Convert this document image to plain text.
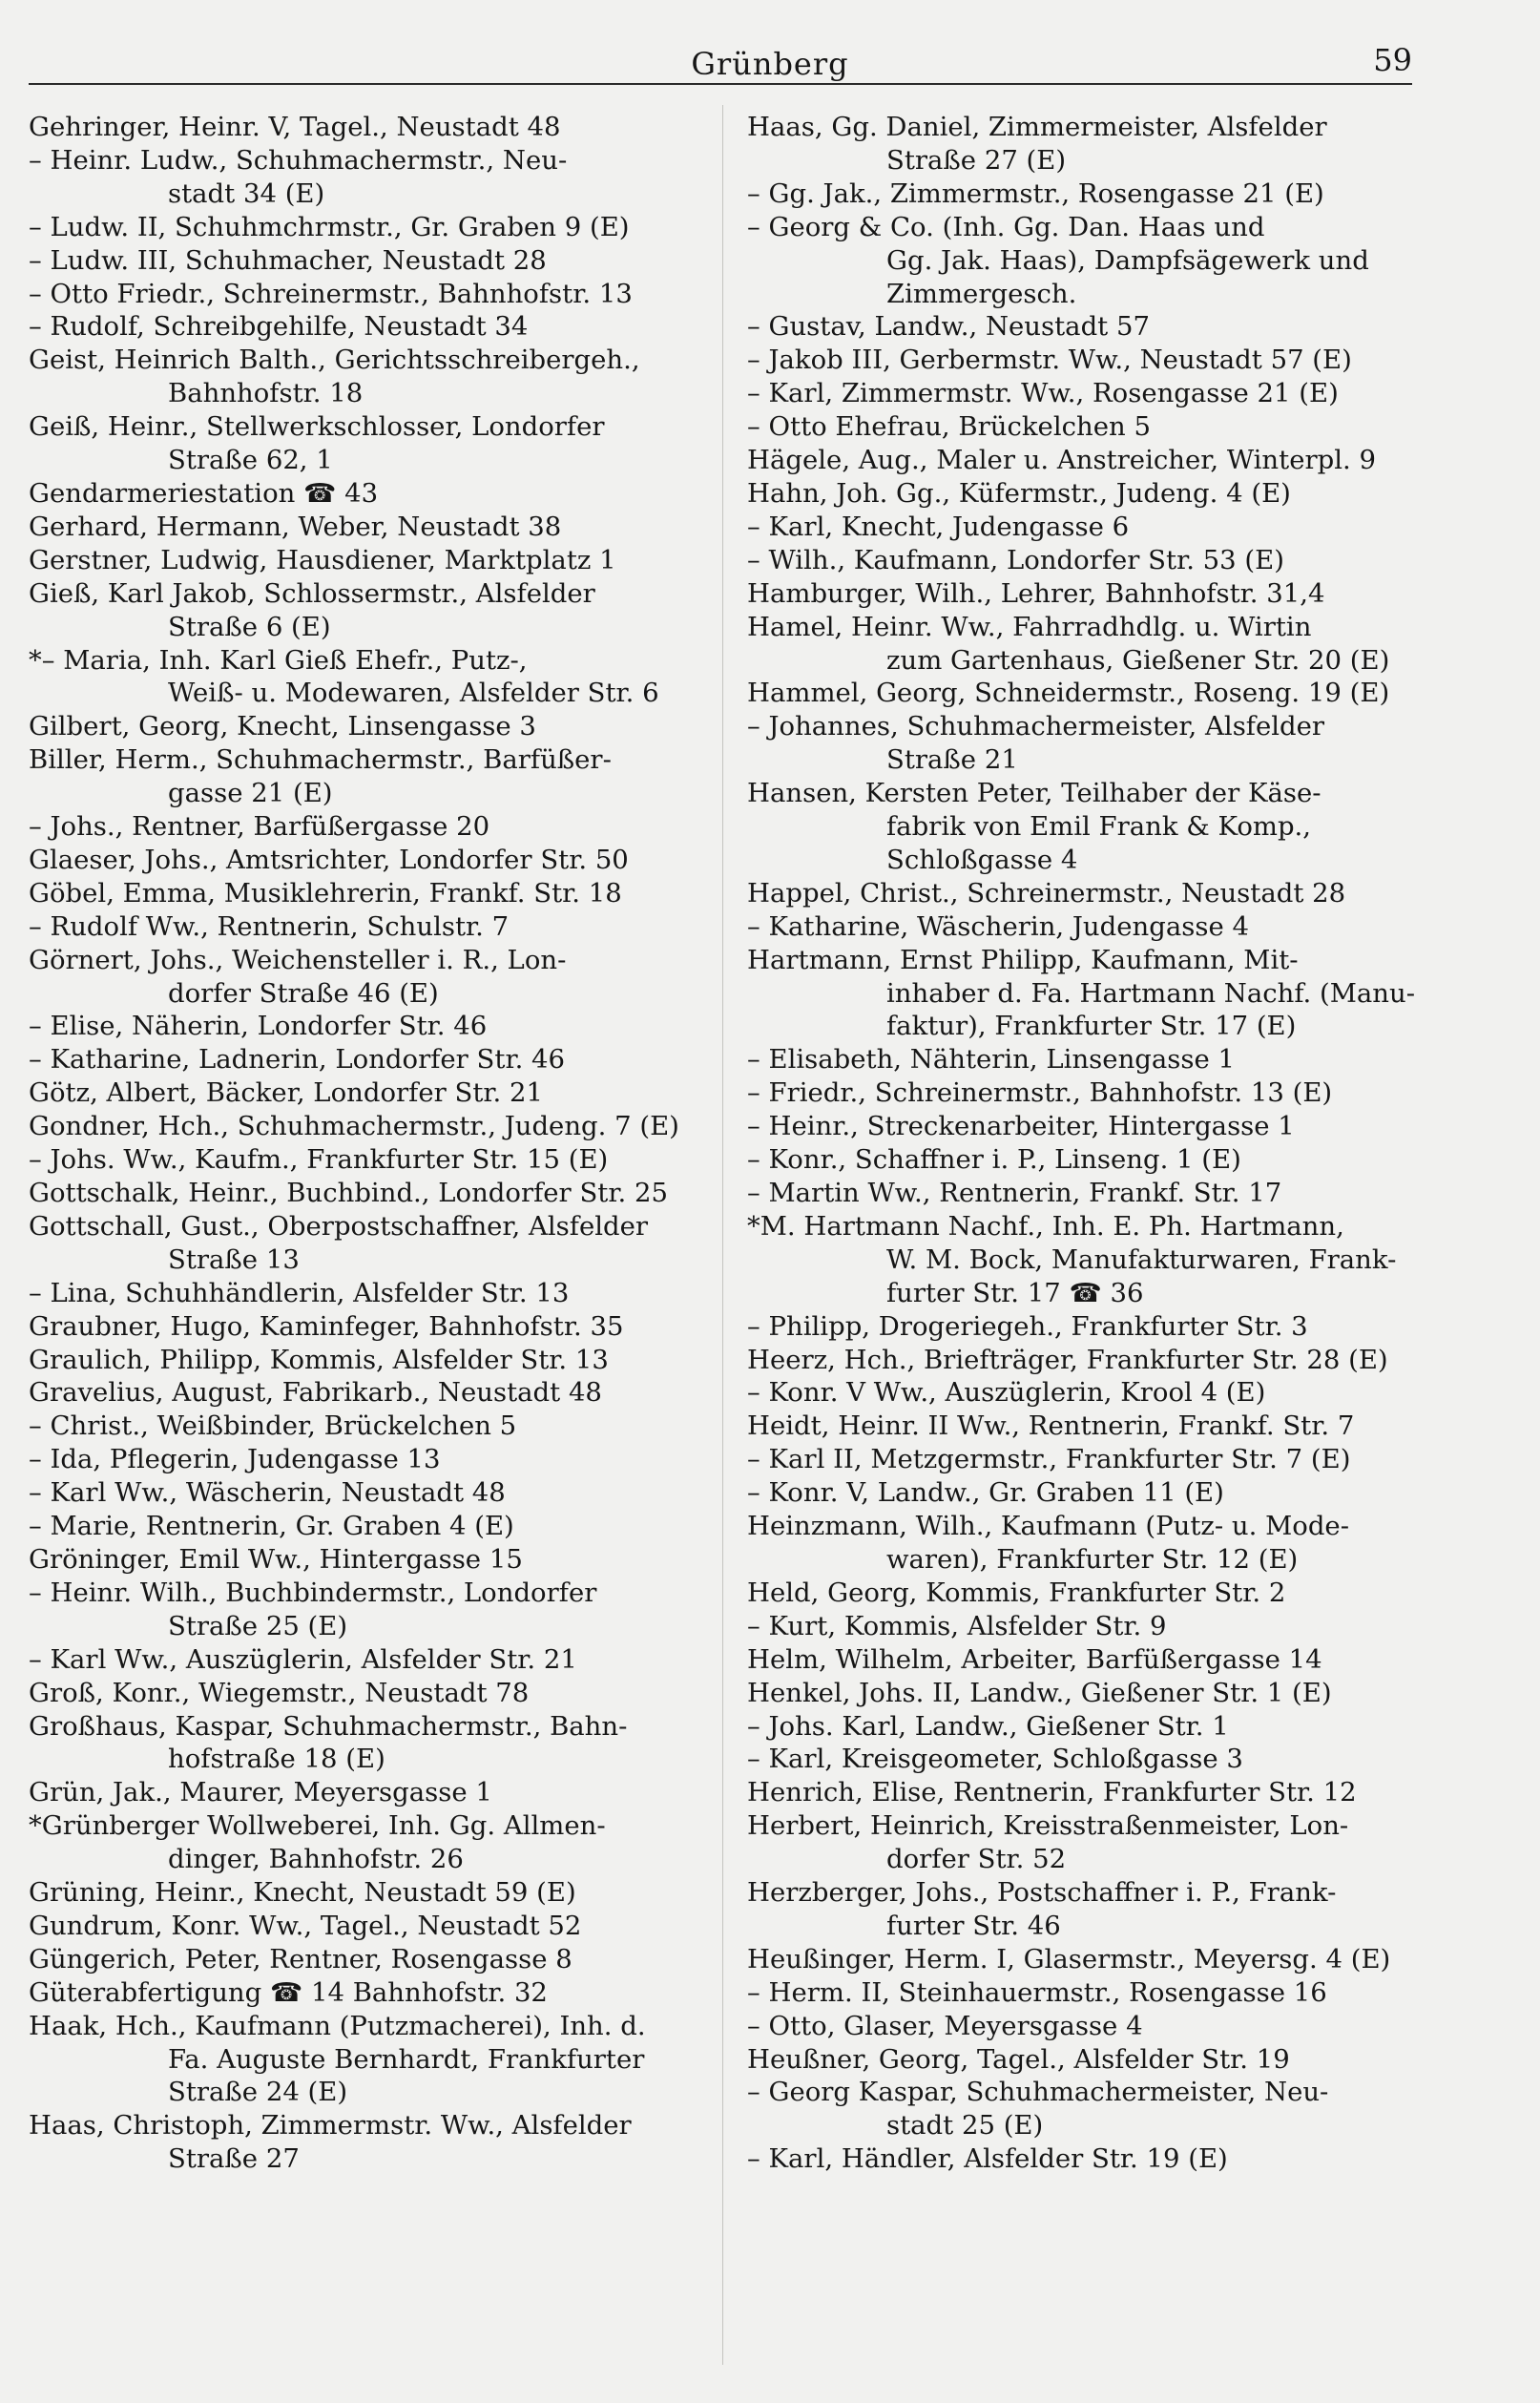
Grünberg	59
Gehringer, Heinr. V, Tagel., Neustadt 48
– Heinr. Ludw., Schuhmachermstr., Neu-
stadt 34 (E)
– Ludw. II, Schuhmchrmstr., Gr. Graben 9 (E)
– Ludw. III, Schuhmacher, Neustadt 28
– Otto Friedr., Schreinermstr., Bahnhofstr. 13
– Rudolf, Schreibgehilfe, Neustadt 34
Geist, Heinrich Balth., Gerichtsschreibergeh.,
Bahnhofstr. 18
Geiß, Heinr., Stellwerkschlosser, Londorfer
Straße 62, 1
Gendarmeriestation ☎ 43
Gerhard, Hermann, Weber, Neustadt 38
Gerstner, Ludwig, Hausdiener, Marktplatz 1
Gieß, Karl Jakob, Schlossermstr., Alsfelder
Straße 6 (E)
*– Maria, Inh. Karl Gieß Ehefr., Putz-,
Weiß- u. Modewaren, Alsfelder Str. 6
Gilbert, Georg, Knecht, Linsengasse 3
Biller, Herm., Schuhmachermstr., Barfüßer-
gasse 21 (E)
– Johs., Rentner, Barfüßergasse 20
Glaeser, Johs., Amtsrichter, Londorfer Str. 50
Göbel, Emma, Musiklehrerin, Frankf. Str. 18
– Rudolf Ww., Rentnerin, Schulstr. 7
Görnert, Johs., Weichensteller i. R., Lon-
dorfer Straße 46 (E)
– Elise, Näherin, Londorfer Str. 46
– Katharine, Ladnerin, Londorfer Str. 46
Götz, Albert, Bäcker, Londorfer Str. 21
Gondner, Hch., Schuhmachermstr., Judeng. 7 (E)
– Johs. Ww., Kaufm., Frankfurter Str. 15 (E)
Gottschalk, Heinr., Buchbind., Londorfer Str. 25
Gottschall, Gust., Oberpostschaffner, Alsfelder
Straße 13
– Lina, Schuhhändlerin, Alsfelder Str. 13
Graubner, Hugo, Kaminfeger, Bahnhofstr. 35
Graulich, Philipp, Kommis, Alsfelder Str. 13
Gravelius, August, Fabrikarb., Neustadt 48
– Christ., Weißbinder, Brückelchen 5
– Ida, Pflegerin, Judengasse 13
– Karl Ww., Wäscherin, Neustadt 48
– Marie, Rentnerin, Gr. Graben 4 (E)
Gröninger, Emil Ww., Hintergasse 15
– Heinr. Wilh., Buchbindermstr., Londorfer
Straße 25 (E)
– Karl Ww., Auszüglerin, Alsfelder Str. 21
Groß, Konr., Wiegemstr., Neustadt 78
Großhaus, Kaspar, Schuhmachermstr., Bahn-
hofstraße 18 (E)
Grün, Jak., Maurer, Meyersgasse 1
*Grünberger Wollweberei, Inh. Gg. Allmen-
dinger, Bahnhofstr. 26
Grüning, Heinr., Knecht, Neustadt 59 (E)
Gundrum, Konr. Ww., Tagel., Neustadt 52
Güngerich, Peter, Rentner, Rosengasse 8
Güterabfertigung ☎ 14 Bahnhofstr. 32
Haak, Hch., Kaufmann (Putzmacherei), Inh. d.
Fa. Auguste Bernhardt, Frankfurter
Straße 24 (E)
Haas, Christoph, Zimmermstr. Ww., Alsfelder
Straße 27
Haas, Gg. Daniel, Zimmermeister, Alsfelder
Straße 27 (E)
– Gg. Jak., Zimmermstr., Rosengasse 21 (E)
– Georg & Co. (Inh. Gg. Dan. Haas und
Gg. Jak. Haas), Dampfsägewerk und
Zimmergesch.
– Gustav, Landw., Neustadt 57
– Jakob III, Gerbermstr. Ww., Neustadt 57 (E)
– Karl, Zimmermstr. Ww., Rosengasse 21 (E)
– Otto Ehefrau, Brückelchen 5
Hägele, Aug., Maler u. Anstreicher, Winterpl. 9
Hahn, Joh. Gg., Küfermstr., Judeng. 4 (E)
– Karl, Knecht, Judengasse 6
– Wilh., Kaufmann, Londorfer Str. 53 (E)
Hamburger, Wilh., Lehrer, Bahnhofstr. 31,4
Hamel, Heinr. Ww., Fahrradhdlg. u. Wirtin
zum Gartenhaus, Gießener Str. 20 (E)
Hammel, Georg, Schneidermstr., Roseng. 19 (E)
– Johannes, Schuhmachermeister, Alsfelder
Straße 21
Hansen, Kersten Peter, Teilhaber der Käse-
fabrik von Emil Frank & Komp.,
Schloßgasse 4
Happel, Christ., Schreinermstr., Neustadt 28
– Katharine, Wäscherin, Judengasse 4
Hartmann, Ernst Philipp, Kaufmann, Mit-
inhaber d. Fa. Hartmann Nachf. (Manu-
faktur), Frankfurter Str. 17 (E)
– Elisabeth, Nähterin, Linsengasse 1
– Friedr., Schreinermstr., Bahnhofstr. 13 (E)
– Heinr., Streckenarbeiter, Hintergasse 1
– Konr., Schaffner i. P., Linseng. 1 (E)
– Martin Ww., Rentnerin, Frankf. Str. 17
*M. Hartmann Nachf., Inh. E. Ph. Hartmann,
W. M. Bock, Manufakturwaren, Frank-
furter Str. 17 ☎ 36
– Philipp, Drogeriegeh., Frankfurter Str. 3
Heerz, Hch., Briefträger, Frankfurter Str. 28 (E)
– Konr. V Ww., Auszüglerin, Krool 4 (E)
Heidt, Heinr. II Ww., Rentnerin, Frankf. Str. 7
– Karl II, Metzgermstr., Frankfurter Str. 7 (E)
– Konr. V, Landw., Gr. Graben 11 (E)
Heinzmann, Wilh., Kaufmann (Putz- u. Mode-
waren), Frankfurter Str. 12 (E)
Held, Georg, Kommis, Frankfurter Str. 2
– Kurt, Kommis, Alsfelder Str. 9
Helm, Wilhelm, Arbeiter, Barfüßergasse 14
Henkel, Johs. II, Landw., Gießener Str. 1 (E)
– Johs. Karl, Landw., Gießener Str. 1
– Karl, Kreisgeometer, Schloßgasse 3
Henrich, Elise, Rentnerin, Frankfurter Str. 12
Herbert, Heinrich, Kreisstraßenmeister, Lon-
dorfer Str. 52
Herzberger, Johs., Postschaffner i. P., Frank-
furter Str. 46
Heußinger, Herm. I, Glasermstr., Meyersg. 4 (E)
– Herm. II, Steinhauermstr., Rosengasse 16
– Otto, Glaser, Meyersgasse 4
Heußner, Georg, Tagel., Alsfelder Str. 19
– Georg Kaspar, Schuhmachermeister, Neu-
stadt 25 (E)
– Karl, Händler, Alsfelder Str. 19 (E)
